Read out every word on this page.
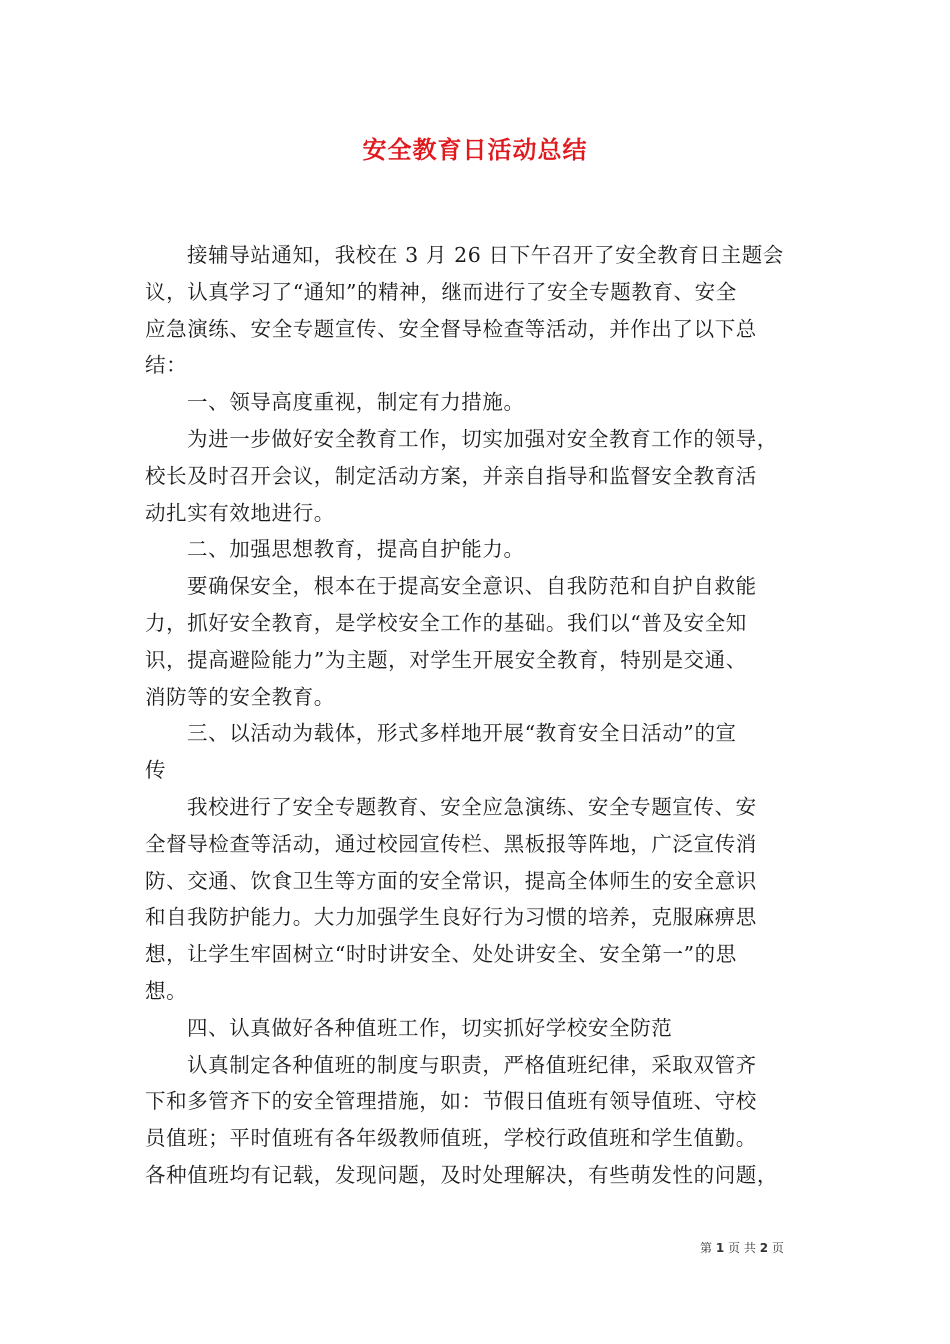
安全教育日活动总结
接辅导站通知，我校在 3 月 26 日下午召开了安全教育日主题会
议，认真学习了“通知”的精神，继而进行了安全专题教育、安全
应急演练、安全专题宣传、安全督导检查等活动，并作出了以下总
结：
一、领导高度重视，制定有力措施。
为进一步做好安全教育工作，切实加强对安全教育工作的领导，
校长及时召开会议，制定活动方案，并亲自指导和监督安全教育活
动扎实有效地进行。
二、加强思想教育，提高自护能力。
要确保安全，根本在于提高安全意识、自我防范和自护自救能
力，抓好安全教育，是学校安全工作的基础。我们以“普及安全知
识，提高避险能力”为主题，对学生开展安全教育，特别是交通、
消防等的安全教育。
三、以活动为载体，形式多样地开展“教育安全日活动”的宣
传
我校进行了安全专题教育、安全应急演练、安全专题宣传、安
全督导检查等活动，通过校园宣传栏、黑板报等阵地，广泛宣传消
防、交通、饮食卫生等方面的安全常识，提高全体师生的安全意识
和自我防护能力。大力加强学生良好行为习惯的培养，克服麻痹思
想，让学生牢固树立“时时讲安全、处处讲安全、安全第一”的思
想。
四、认真做好各种值班工作，切实抓好学校安全防范
认真制定各种值班的制度与职责，严格值班纪律，采取双管齐
下和多管齐下的安全管理措施，如：节假日值班有领导值班、守校
员值班；平时值班有各年级教师值班，学校行政值班和学生值勤。
各种值班均有记载，发现问题，及时处理解决，有些萌发性的问题，
第 1 页 共 2 页
